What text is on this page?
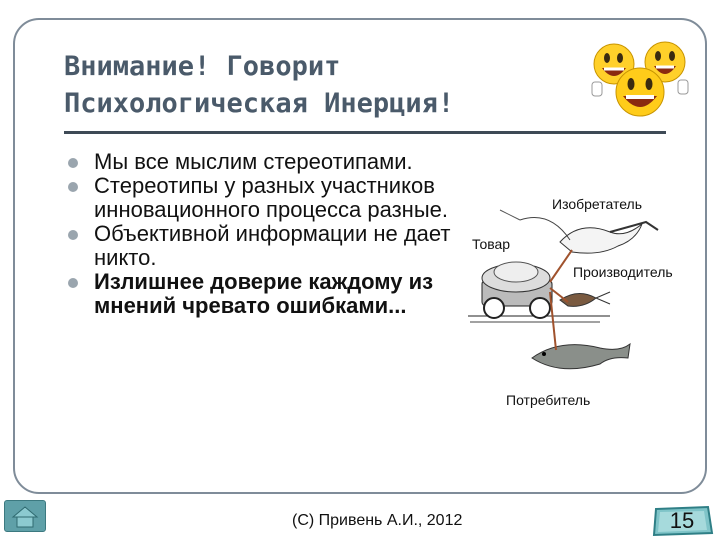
Внимание! Говорит
Психологическая Инерция!
Мы все мыслим стереотипами.
Стереотипы у разных участников инновационного процесса разные.
Объективной информации не дает никто.
Излишнее доверие каждому из мнений чревато ошибками...
Изобретатель
Товар
Производитель
Потребитель
(С) Привень А.И., 2012	15
